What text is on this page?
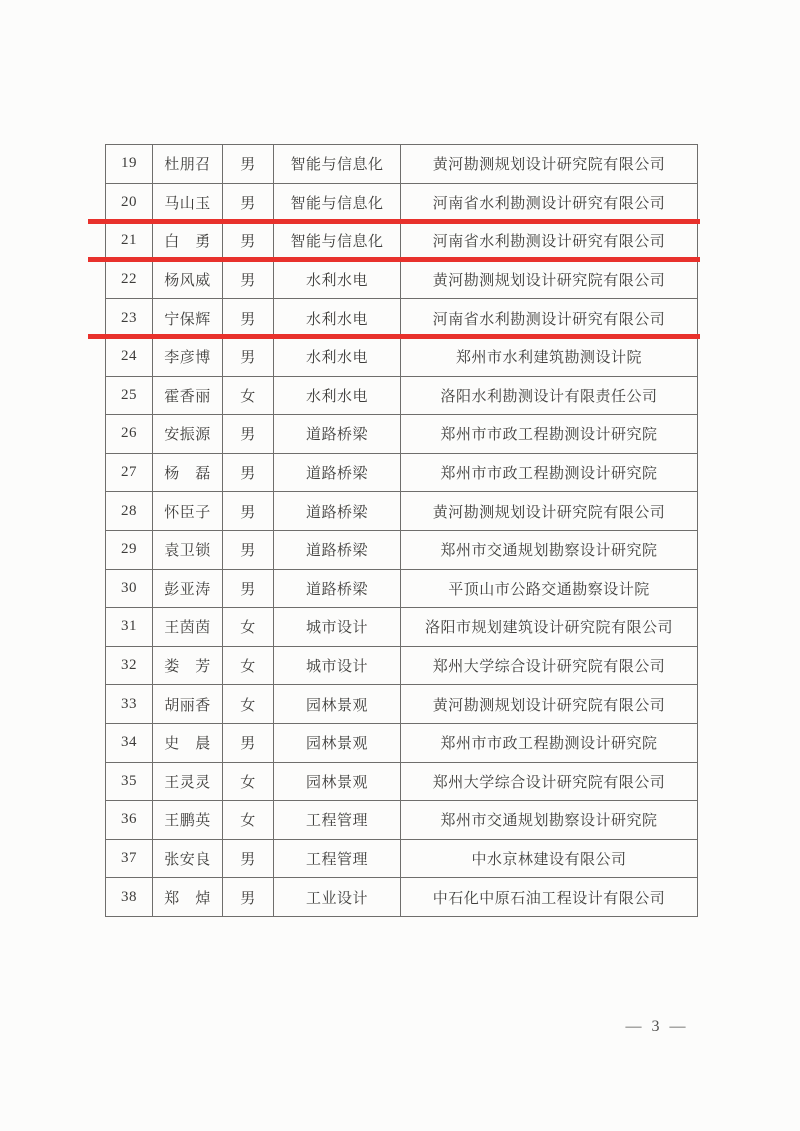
19	杜朋召	男	智能与信息化	黄河勘测规划设计研究院有限公司
20	马山玉	男	智能与信息化	河南省水利勘测设计研究有限公司
21	白　勇	男	智能与信息化	河南省水利勘测设计研究有限公司
22	杨风威	男	水利水电	黄河勘测规划设计研究院有限公司
23	宁保辉	男	水利水电	河南省水利勘测设计研究有限公司
24	李彦博	男	水利水电	郑州市水利建筑勘测设计院
25	霍香丽	女	水利水电	洛阳水利勘测设计有限责任公司
26	安振源	男	道路桥梁	郑州市市政工程勘测设计研究院
27	杨　磊	男	道路桥梁	郑州市市政工程勘测设计研究院
28	怀臣子	男	道路桥梁	黄河勘测规划设计研究院有限公司
29	袁卫锁	男	道路桥梁	郑州市交通规划勘察设计研究院
30	彭亚涛	男	道路桥梁	平顶山市公路交通勘察设计院
31	王茵茵	女	城市设计	洛阳市规划建筑设计研究院有限公司
32	娄　芳	女	城市设计	郑州大学综合设计研究院有限公司
33	胡丽香	女	园林景观	黄河勘测规划设计研究院有限公司
34	史　晨	男	园林景观	郑州市市政工程勘测设计研究院
35	王灵灵	女	园林景观	郑州大学综合设计研究院有限公司
36	王鹏英	女	工程管理	郑州市交通规划勘察设计研究院
37	张安良	男	工程管理	中水京林建设有限公司
38	郑　焯	男	工业设计	中石化中原石油工程设计有限公司
— 3 —
